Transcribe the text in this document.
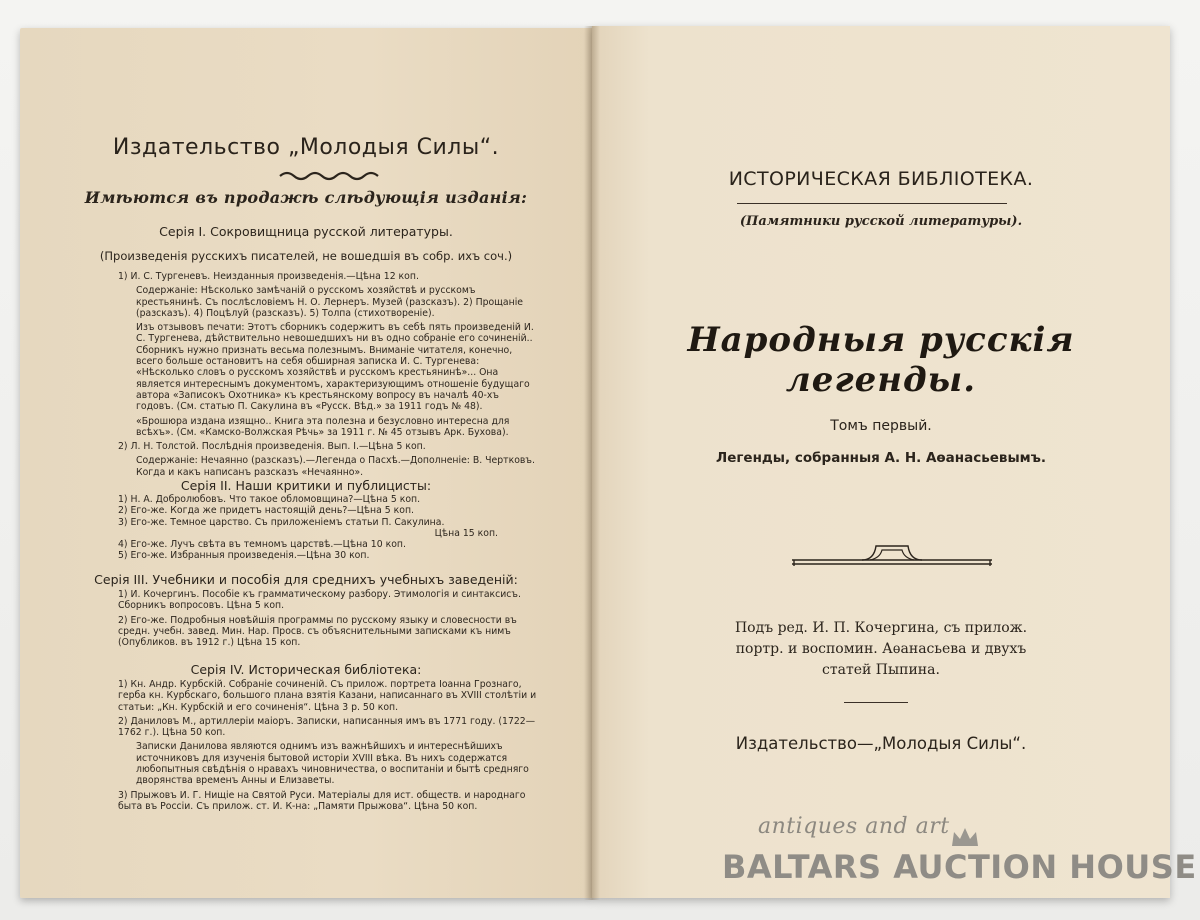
Издательство „Молодыя Силы“.
Имѣются въ продажѣ слѣдующія изданія:
Серія I. Сокровищница русской литературы.
(Произведенія русскихъ писателей, не вошедшія въ собр. ихъ соч.)

1) И. С. Тургеневъ. Неизданныя произведенія.—Цѣна 12 коп.

Содержаніе: Нѣсколько замѣчаній о русскомъ хозяйствѣ и русскомъ крестьянинѣ. Съ послѣсловіемъ Н. О. Лернеръ. Музей (разсказъ). 2) Прощаніе (разсказъ). 4) Поцѣлуй (разсказъ). 5) Толпа (стихотвореніе).

Изъ отзывовъ печати: Этотъ сборникъ содержитъ въ себѣ пять произведеній И. С. Тургенева, дѣйствительно невошедшихъ ни въ одно собраніе его сочиненій.. Сборникъ нужно признать весьма полезнымъ. Вниманіе читателя, конечно, всего больше остановитъ на себя обширная записка И. С. Тургенева: «Нѣсколько словъ о русскомъ хозяйствѣ и русскомъ крестьянинѣ»... Она является интереснымъ документомъ, характеризующимъ отношеніе будущаго автора «Записокъ Охотника» къ крестьянскому вопросу въ началѣ 40-хъ годовъ. (См. статью П. Сакулина въ «Русск. Вѣд.» за 1911 годъ № 48).

«Брошюра издана изящно.. Книга эта полезна и безусловно интересна для всѣхъ». (См. «Камско-Волжская Рѣчь» за 1911 г. № 45 отзывъ Арк. Бухова).

2) Л. Н. Толстой. Послѣднія произведенія. Вып. I.—Цѣна 5 коп.

Содержаніе: Нечаянно (разсказъ).—Легенда о Пасхѣ.—Дополненіе: В. Чертковъ. Когда и какъ написанъ разсказъ «Нечаянно».

Серія II. Наши критики и публицисты:

1) Н. А. Добролюбовъ. Что такое обломовщина?—Цѣна 5 коп.

2) Его-же. Когда же придетъ настоящій день?—Цѣна 5 коп.

3) Его-же. Темное царство. Съ приложеніемъ статьи П. Сакулина.

Цѣна 15 коп.

4) Его-же. Лучъ свѣта въ темномъ царствѣ.—Цѣна 10 коп.

5) Его-же. Избранныя произведенія.—Цѣна 30 коп.

Серія III. Учебники и пособія для среднихъ учебныхъ заведеній:

1) И. Кочергинъ. Пособіе къ грамматическому разбору. Этимологія и синтаксисъ. Сборникъ вопросовъ. Цѣна 5 коп.

2) Его-же. Подробныя новѣйшія программы по русскому языку и словесности въ средн. учебн. завед. Мин. Нар. Просв. съ объяснительными записками къ нимъ (Опубликов. въ 1912 г.) Цѣна 15 коп.

Серія IV. Историческая библіотека:

1) Кн. Андр. Курбскій. Собраніе сочиненій. Съ прилож. портрета Іоанна Грознаго, герба кн. Курбскаго, большого плана взятія Казани, написаннаго въ XVIII столѣтіи и статьи: „Кн. Курбскій и его сочиненія“. Цѣна 3 р. 50 коп.

2) Даниловъ М., артиллеріи маіоръ. Записки, написанныя имъ въ 1771 году. (1722—1762 г.). Цѣна 50 коп.

Записки Данилова являются однимъ изъ важнѣйшихъ и интереснѣйшихъ источниковъ для изученія бытовой исторіи XVIII вѣка. Въ нихъ содержатся любопытныя свѣдѣнія о нравахъ чиновничества, о воспитаніи и бытѣ средняго дворянства временъ Анны и Елизаветы.

3) Прыжовъ И. Г. Нищіе на Святой Руси. Матеріалы для ист. обществ. и народнаго быта въ Россіи. Съ прилож. ст. И. К-на: „Памяти Прыжова“. Цѣна 50 коп.

ИСТОРИЧЕСКАЯ БИБЛІОТЕКА.
(Памятники русской литературы).
Народныя русскія легенды.
Томъ первый.
Легенды, собранныя А. Н. Аѳанасьевымъ.
Подъ ред. И. П. Кочергина, съ прилож.
портр. и воспомин. Аѳанасьева и двухъ
статей Пыпина.
Издательство—„Молодыя Силы“.
antiques and art
BALTARS AUCTION HOUSE
